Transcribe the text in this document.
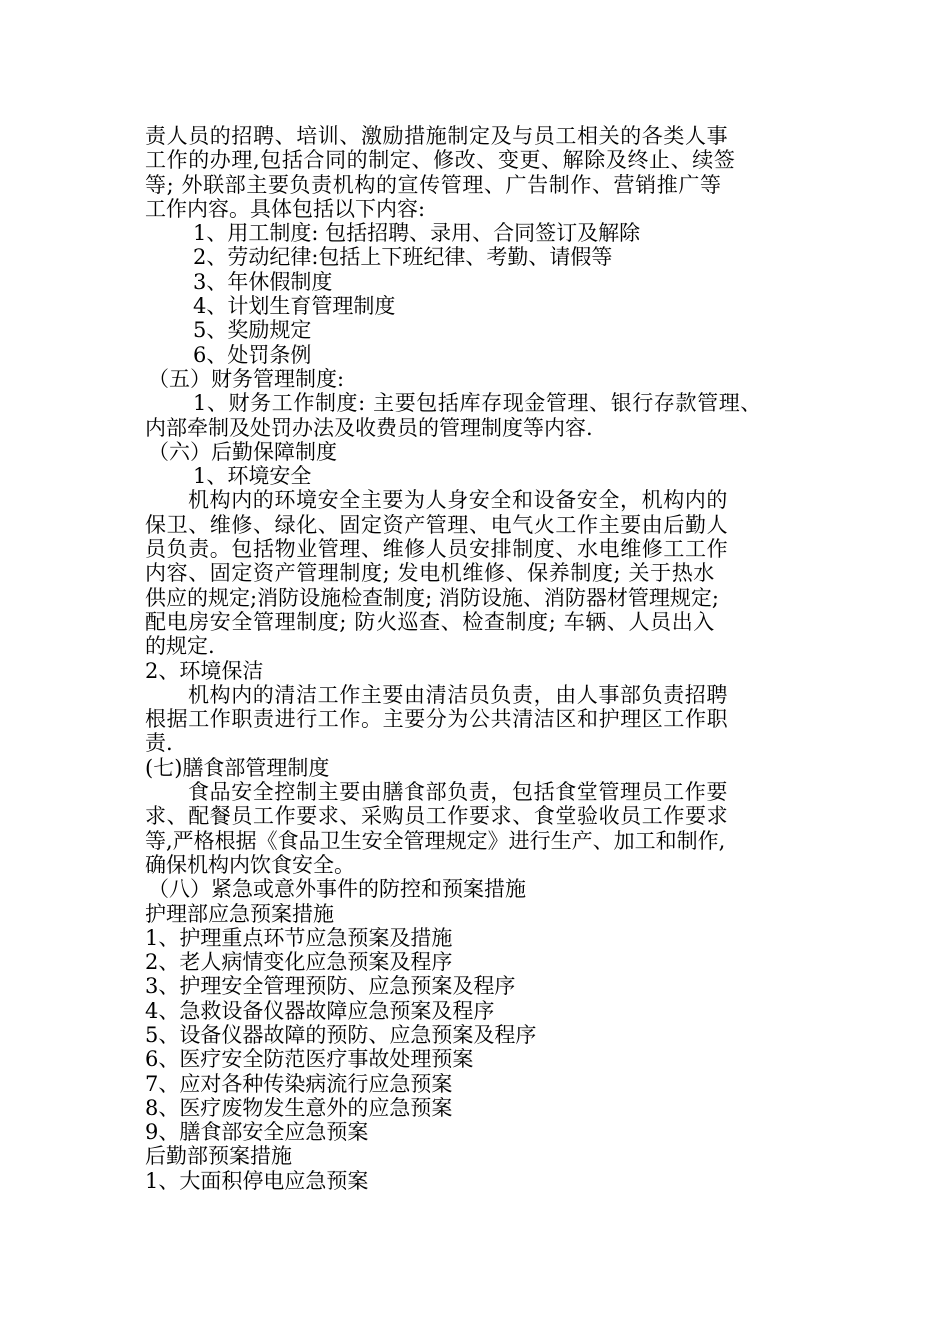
责人员的招聘、培训、激励措施制定及与员工相关的各类人事
工作的办理,包括合同的制定、修改、变更、解除及终止、续签
等; 外联部主要负责机构的宣传管理、广告制作、营销推广等
工作内容。具体包括以下内容:
1、用工制度: 包括招聘、录用、合同签订及解除
2、劳动纪律:包括上下班纪律、考勤、请假等
3、年休假制度
4、计划生育管理制度
5、奖励规定
6、处罚条例
（五）财务管理制度:
1、财务工作制度: 主要包括库存现金管理、银行存款管理、
内部牵制及处罚办法及收费员的管理制度等内容.
（六）后勤保障制度
1、环境安全
机构内的环境安全主要为人身安全和设备安全，机构内的
保卫、维修、绿化、固定资产管理、电气火工作主要由后勤人
员负责。包括物业管理、维修人员安排制度、水电维修工工作
内容、固定资产管理制度; 发电机维修、保养制度; 关于热水
供应的规定;消防设施检查制度; 消防设施、消防器材管理规定;
配电房安全管理制度; 防火巡查、检查制度; 车辆、人员出入
的规定.
2、环境保洁
机构内的清洁工作主要由清洁员负责，由人事部负责招聘
根据工作职责进行工作。主要分为公共清洁区和护理区工作职
责.
(七)膳食部管理制度
食品安全控制主要由膳食部负责，包括食堂管理员工作要
求、配餐员工作要求、采购员工作要求、食堂验收员工作要求
等,严格根据《食品卫生安全管理规定》进行生产、加工和制作,
确保机构内饮食安全。
（八）紧急或意外事件的防控和预案措施
护理部应急预案措施
1、护理重点环节应急预案及措施
2、老人病情变化应急预案及程序
3、护理安全管理预防、应急预案及程序
4、急救设备仪器故障应急预案及程序
5、设备仪器故障的预防、应急预案及程序
6、医疗安全防范医疗事故处理预案
7、应对各种传染病流行应急预案
8、医疗废物发生意外的应急预案
9、膳食部安全应急预案
后勤部预案措施
1、大面积停电应急预案
